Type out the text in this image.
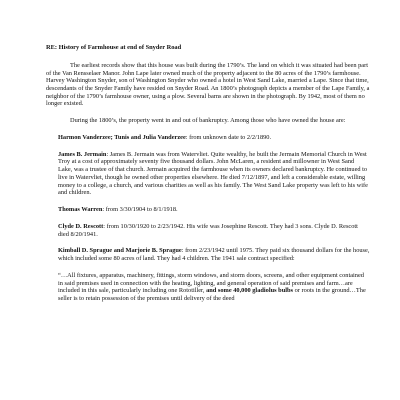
RE: History of Farmhouse at end of Snyder Road

The earliest records show that this house was built during the 1790’s. The land on which it was situated had been part of the Van Rensselaer Manor. John Lape later owned much of the property adjacent to the 80 acres of the 1790’s farmhouse. Harvey Washington Snyder, son of Washington Snyder who owned a hotel in West Sand Lake, married a Lape. Since that time, descendants of the Snyder Family have resided on Snyder Road. An 1800’s photograph depicts a member of the Lape Family, a neighbor of the 1790’s farmhouse owner, using a plow. Several barns are shown in the photograph. By 1942, most of them no longer existed.

During the 1800’s, the property went in and out of bankruptcy. Among those who have owned the house are:

Harmon Vanderzee; Tunis and Julia Vanderzee: from unknown date to 2/2/1890.

James B. Jermain: James B. Jermain was from Watervliet. Quite wealthy, he built the Jermain Memorial Church in West Troy at a cost of approximately seventy five thousand dollars. John McLaren, a resident and millowner in West Sand Lake, was a trustee of that church. Jermain acquired the farmhouse when its owners declared bankruptcy. He continued to live in Watervliet, though he owned other properties elsewhere. He died 7/12/1897, and left a considerable estate, willing money to a college, a church, and various charities as well as his family. The West Sand Lake property was left to his wife and children.

Thomas Warren: from 3/30/1904 to 8/1/1918.

Clyde D. Rescott: from 10/30/1920 to 2/23/1942. His wife was Josephine Rescott. They had 3 sons. Clyde D. Rescott died 8/20/1941.

Kimball D. Sprague and Marjorie B. Sprague: from 2/23/1942 until 1975. They paid six thousand dollars for the house, which included some 80 acres of land. They had 4 children. The 1941 sale contract specified:

“…All fixtures, apparatus, machinery, fittings, storm windows, and storm doors, screens, and other equipment contained in said premises used in connection with the heating, lighting, and general operation of said premises and farm…are included in this sale, particularly including one Rototiller, and some 40,000 gladiolus bulbs or roots in the ground…The seller is to retain possession of the premises until delivery of the deed
